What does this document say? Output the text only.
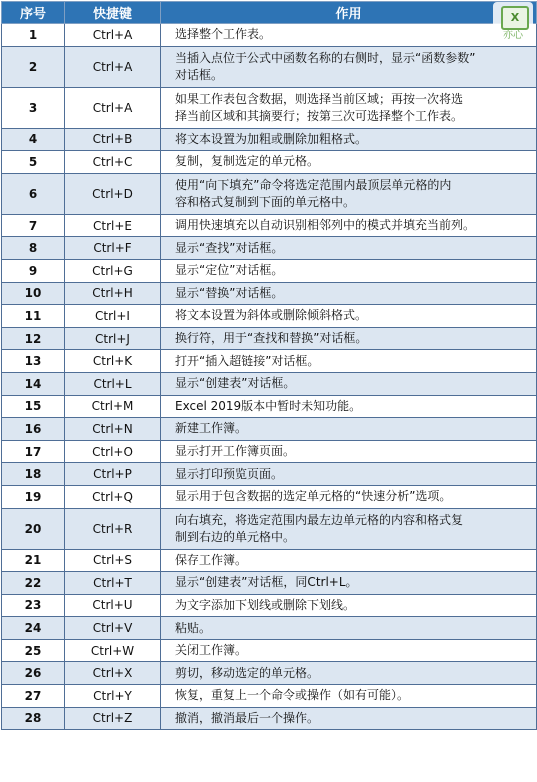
序号	快捷键	作用
1	Ctrl+A	选择整个工作表。

2	Ctrl+A	当插入点位于公式中函数名称的右侧时，显示“函数参数”
对话框。

3	Ctrl+A	如果工作表包含数据，则选择当前区域；再按一次将选
择当前区域和其摘要行；按第三次可选择整个工作表。

4	Ctrl+B	将文本设置为加粗或删除加粗格式。

5	Ctrl+C	复制，复制选定的单元格。

6	Ctrl+D	使用“向下填充”命令将选定范围内最顶层单元格的内
容和格式复制到下面的单元格中。

7	Ctrl+E	调用快速填充以自动识别相邻列中的模式并填充当前列。

8	Ctrl+F	显示“查找”对话框。

9	Ctrl+G	显示“定位”对话框。

10	Ctrl+H	显示“替换”对话框。

11	Ctrl+I	将文本设置为斜体或删除倾斜格式。

12	Ctrl+J	换行符，用于“查找和替换”对话框。

13	Ctrl+K	打开“插入超链接”对话框。

14	Ctrl+L	显示“创建表”对话框。

15	Ctrl+M	Excel 2019版本中暂时未知功能。

16	Ctrl+N	新建工作簿。

17	Ctrl+O	显示打开工作簿页面。

18	Ctrl+P	显示打印预览页面。

19	Ctrl+Q	显示用于包含数据的选定单元格的“快速分析”选项。

20	Ctrl+R	向右填充，将选定范围内最左边单元格的内容和格式复
制到右边的单元格中。

21	Ctrl+S	保存工作簿。

22	Ctrl+T	显示“创建表”对话框，同Ctrl+L。

23	Ctrl+U	为文字添加下划线或删除下划线。

24	Ctrl+V	粘贴。

25	Ctrl+W	关闭工作簿。

26	Ctrl+X	剪切，移动选定的单元格。

27	Ctrl+Y	恢复，重复上一个命令或操作（如有可能）。

28	Ctrl+Z	撤消，撤消最后一个操作。
X
亦心
